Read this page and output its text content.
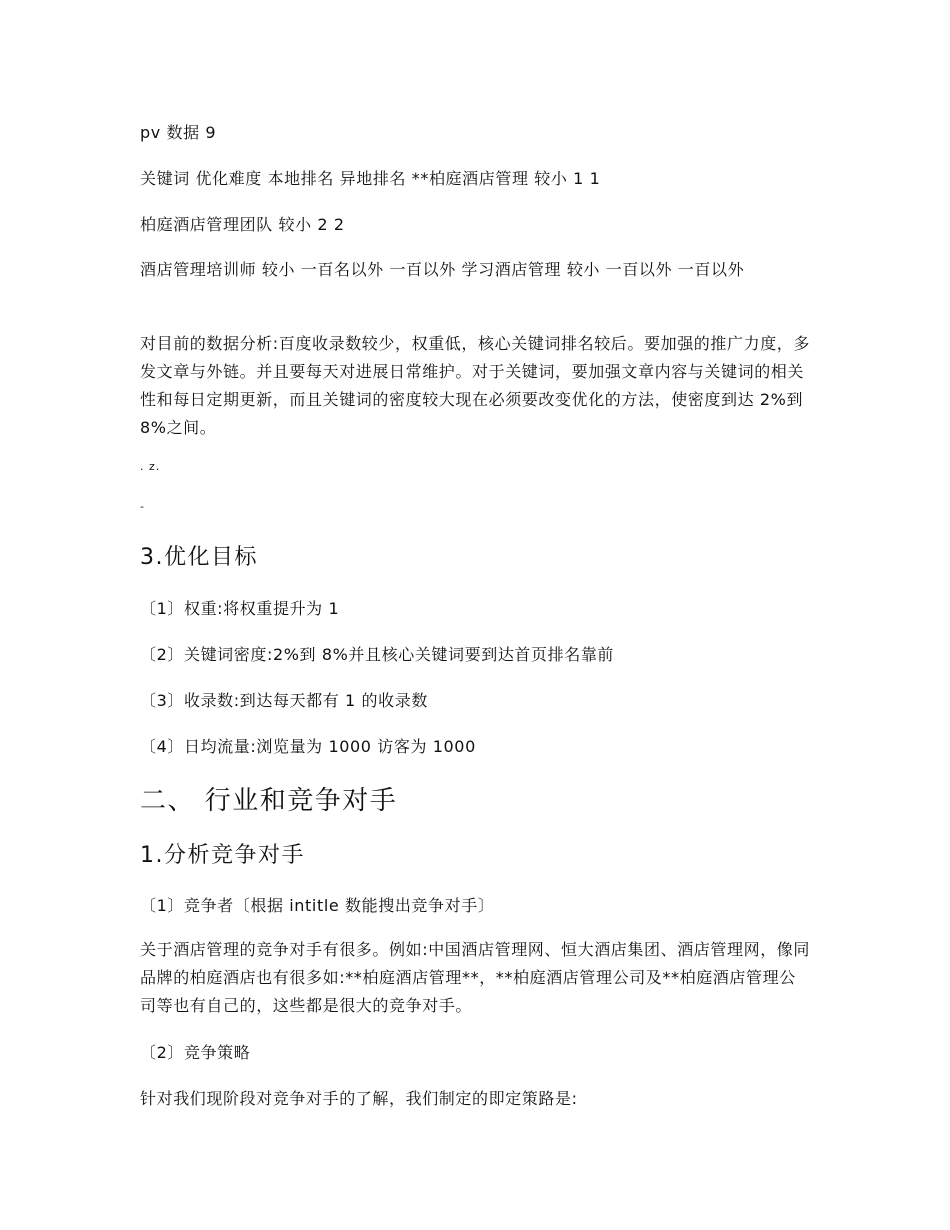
pv 数据 9
关键词 优化难度 本地排名 异地排名 **柏庭酒店管理 较小 1 1
柏庭酒店管理团队 较小 2 2
酒店管理培训师 较小 一百名以外 一百以外 学习酒店管理 较小 一百以外 一百以外
对目前的数据分析:百度收录数较少，权重低，核心关键词排名较后。要加强的推广力度，多发文章与外链。并且要每天对进展日常维护。对于关键词，要加强文章内容与关键词的相关性和每日定期更新，而且关键词的密度较大现在必须要改变优化的方法，使密度到达 2%到 8%之间。
. z.
-
3.优化目标
〔1〕权重:将权重提升为 1
〔2〕关键词密度:2%到 8%并且核心关键词要到达首页排名靠前
〔3〕收录数:到达每天都有 1 的收录数
〔4〕日均流量:浏览量为 1000 访客为 1000
二、 行业和竞争对手
1.分析竞争对手
〔1〕竞争者〔根据 intitle 数能搜出竞争对手〕
关于酒店管理的竞争对手有很多。例如:中国酒店管理网、恒大酒店集团、酒店管理网，像同品牌的柏庭酒店也有很多如:**柏庭酒店管理**，**柏庭酒店管理公司及**柏庭酒店管理公司等也有自己的，这些都是很大的竞争对手。
〔2〕竞争策略
针对我们现阶段对竞争对手的了解，我们制定的即定策路是:
